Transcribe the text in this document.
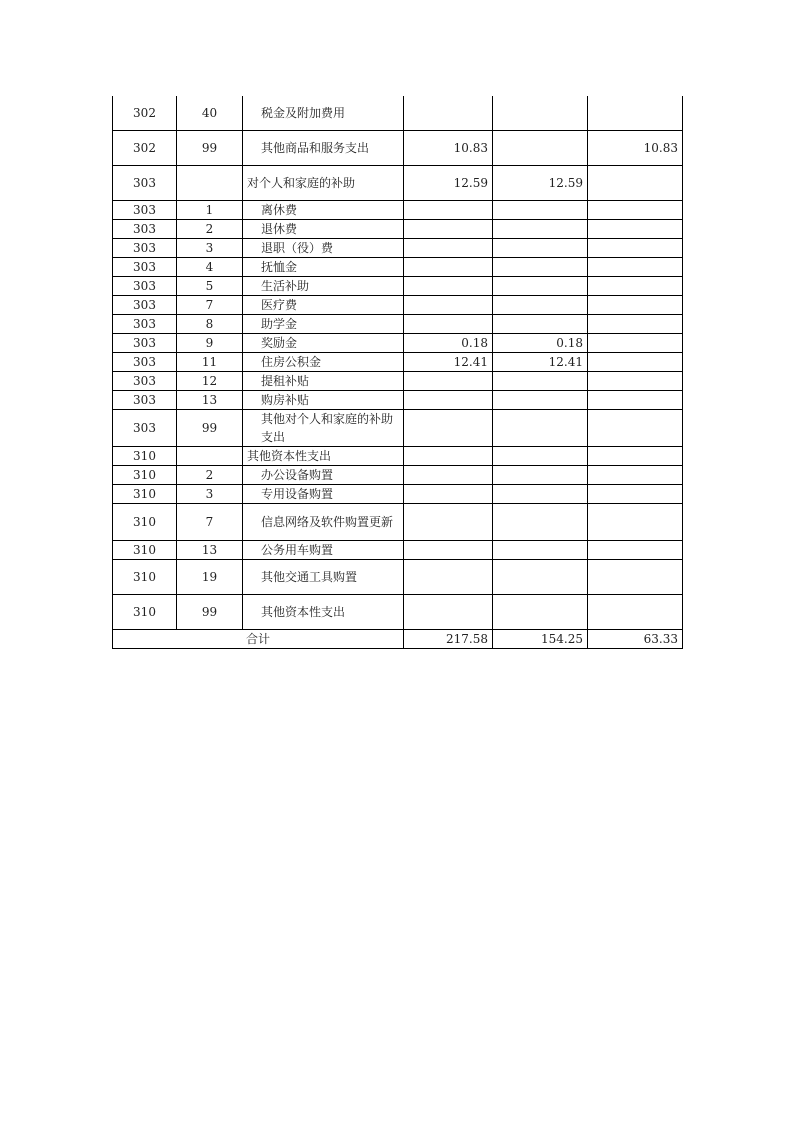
302	40	税金及附加费用			
302	99	其他商品和服务支出	10.83		10.83
303		对个人和家庭的补助	12.59	12.59	
303	1	离休费			
303	2	退休费			
303	3	退职（役）费			
303	4	抚恤金			
303	5	生活补助			
303	7	医疗费			
303	8	助学金			
303	9	奖励金	0.18	0.18	
303	11	住房公积金	12.41	12.41	
303	12	提租补贴			
303	13	购房补贴			
303	99	其他对个人和家庭的补助支出			

310		其他资本性支出			
310	2	办公设备购置			
310	3	专用设备购置			
310	7	信息网络及软件购置更新			

310	13	公务用车购置			
310	19	其他交通工具购置			
310	99	其他资本性支出			
合计			217.58	154.25	63.33
